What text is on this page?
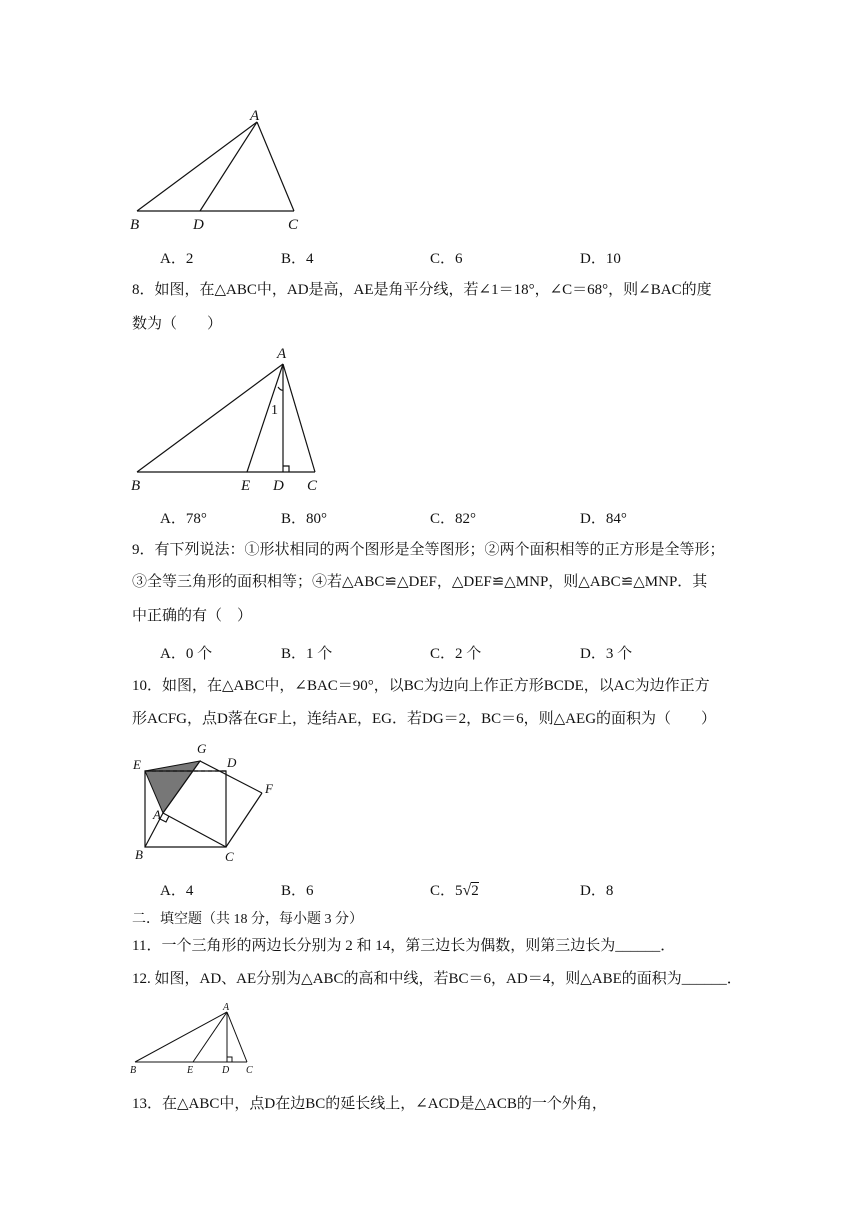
A
B	D	C
A．2	B．4	C．6	D．10
8．如图，在△ABC中，AD是高，AE是角平分线，若∠1＝18°，∠C＝68°，则∠BAC的度
数为（　　）
A
1
B	E D C
A．78°	B．80°	C．82°	D．84°
9．有下列说法：①形状相同的两个图形是全等图形；②两个面积相等的正方形是全等形；
③全等三角形的面积相等；④若△ABC≌△DEF，△DEF≌△MNP，则△ABC≌△MNP．其
中正确的有（　）
A．0 个	B．1 个	C．2 个	D．3 个
10．如图，在△ABC中，∠BAC＝90°，以BC为边向上作正方形BCDE，以AC为边作正方
形ACFG，点D落在GF上，连结AE，EG．若DG＝2，BC＝6，则△AEG的面积为（　　）
E
G
D
F
A
B	C
A．4	B．6	C．5√2	D．8
二．填空题（共 18 分，每小题 3 分）
11．一个三角形的两边长分别为 2 和 14，第三边长为偶数，则第三边长为______．
12. 如图，AD、AE分别为△ABC的高和中线，若BC＝6，AD＝4，则△ABE的面积为______．
A
B	E	D C
13．在△ABC中，点D在边BC的延长线上，∠ACD是△ACB的一个外角，
